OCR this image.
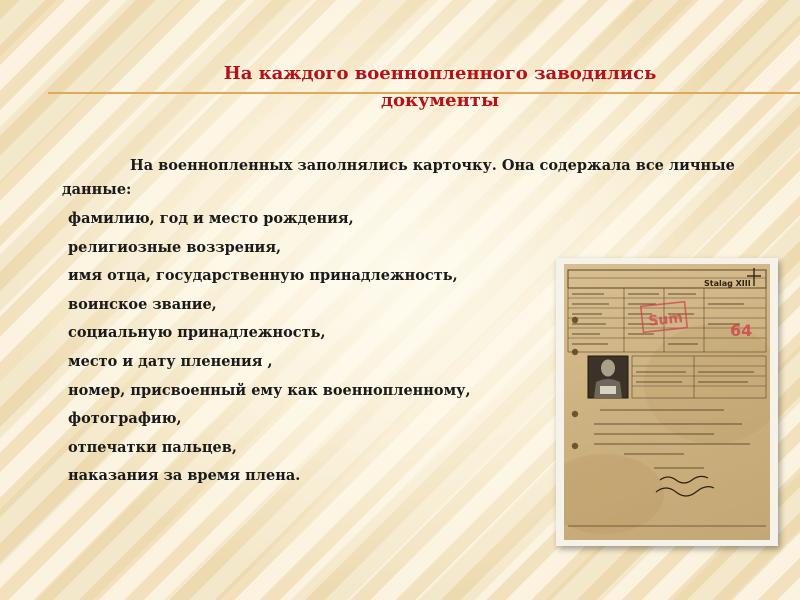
На каждого военнопленного заводились документы

На военнопленных заполнялись карточку. Она содержала все личные данные:

фамилию, год и место рождения,
религиозные воззрения,
имя отца, государственную принадлежность,
воинское звание,
социальную принадлежность,
место и дату пленения ,
номер, присвоенный ему как военнопленному,
фотографию,
отпечатки пальцев,
наказания за время плена.
Stalag XIII
Sum
64
